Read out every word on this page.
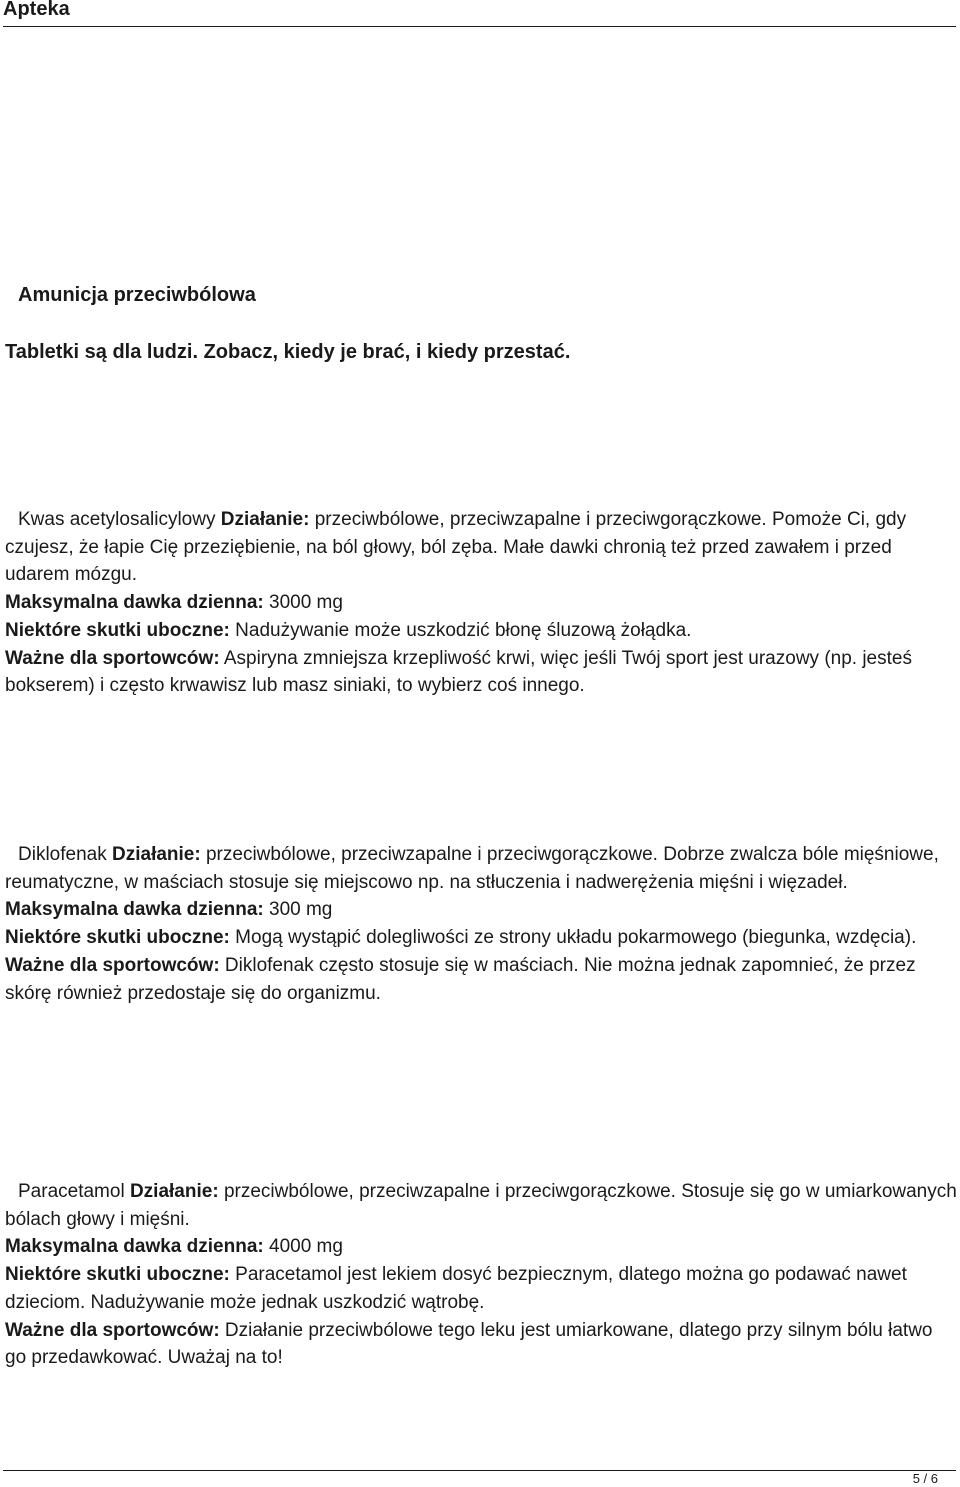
Apteka
Amunicja przeciwbólowa
Tabletki są dla ludzi. Zobacz, kiedy je brać, i kiedy przestać.

Kwas acetylosalicylowy Działanie: przeciwbólowe, przeciwzapalne i przeciwgorączkowe. Pomoże Ci, gdy czujesz, że łapie Cię przeziębienie, na ból głowy, ból zęba. Małe dawki chronią też przed zawałem i przed udarem mózgu.

Maksymalna dawka dzienna: 3000 mg

Niektóre skutki uboczne: Nadużywanie może uszkodzić błonę śluzową żołądka.

Ważne dla sportowców: Aspiryna zmniejsza krzepliwość krwi, więc jeśli Twój sport jest urazowy (np. jesteś bokserem) i często krwawisz lub masz siniaki, to wybierz coś innego.

Diklofenak Działanie: przeciwbólowe, przeciwzapalne i przeciwgorączkowe. Dobrze zwalcza bóle mięśniowe, reumatyczne, w maściach stosuje się miejscowo np. na stłuczenia i nadwerężenia mięśni i więzadeł.

Maksymalna dawka dzienna: 300 mg

Niektóre skutki uboczne: Mogą wystąpić dolegliwości ze strony układu pokarmowego (biegunka, wzdęcia).

Ważne dla sportowców: Diklofenak często stosuje się w maściach. Nie można jednak zapomnieć, że przez skórę również przedostaje się do organizmu.

Paracetamol Działanie: przeciwbólowe, przeciwzapalne i przeciwgorączkowe. Stosuje się go w umiarkowanych bólach głowy i mięśni.

Maksymalna dawka dzienna: 4000 mg

Niektóre skutki uboczne: Paracetamol jest lekiem dosyć bezpiecznym, dlatego można go podawać nawet dzieciom. Nadużywanie może jednak uszkodzić wątrobę.

Ważne dla sportowców: Działanie przeciwbólowe tego leku jest umiarkowane, dlatego przy silnym bólu łatwo go przedawkować. Uważaj na to!

5 / 6
